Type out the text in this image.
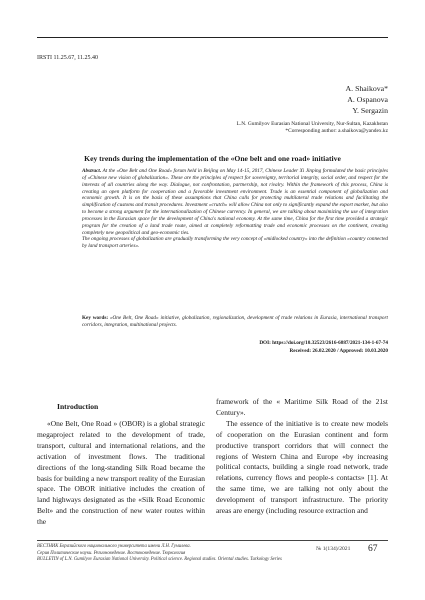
IRSTI 11.25.67, 11.25.40
A. Shaikova*
A. Ospanova
Y. Sergazin
L.N. Gumilyov Eurasian National University, Nur-Sultan, Kazakhstan
*Corresponding author: a.shaikova@yandex.kz
Key trends during the implementation of the «One belt and one road» initiative

Abstract. At the «One Belt and One Road» forum held in Beijing on May 14-15, 2017, Chinese Leader Xi Jinping formulated the basic principles of «Chinese new vision of globalization». These are the principles of respect for sovereignty, territorial integrity, social order, and respect for the interests of all countries along the way. Dialogue, not confrontation, partnership, not rivalry. Within the framework of this process, China is creating an open platform for cooperation and a favorable investment environment. Trade is an essential component of globalization and economic growth. It is on the basis of these assumptions that China calls for protecting multilateral trade relations and facilitating the simplification of customs and transit procedures. Investment «crutch» will allow China not only to significantly expand the export market, but also to become a strong argument for the internationalization of Chinese currency. In general, we are talking about maximizing the use of integration processes in the Eurasian space for the development of China's national economy. At the same time, China for the first time provided a strategic program for the creation of a land trade route, aimed at completely reformatting trade and economic processes on the continent, creating completely new geopolitical and geo-economic ties.

The ongoing processes of globalization are gradually transforming the very concept of «midlocked country» into the definition «country connected by land transport arteries».

Key words: «One Belt, One Road» initiative, globalization, regionalization, development of trade relations in Eurasia, international transport corridors, integration, multinational projects.
DOI: https://doi.org/10.32523/2616-6887/2021-134-1-67-74
Received: 26.02.2020 / Approved: 10.03.2020
Introduction

«One Belt, One Road » (OBOR) is a global strategic megaproject related to the development of trade, transport, cultural and international relations, and the activation of investment flows. The traditional directions of the long-standing Silk Road became the basis for building a new transport reality of the Eurasian space. The OBOR initiative includes the creation of land highways designated as the «Silk Road Economic Belt» and the construction of new water routes within the

framework of the « Maritime Silk Road of the 21st Century».

The essence of the initiative is to create new models of cooperation on the Eurasian continent and form productive transport corridors that will connect the regions of Western China and Europe «by increasing political contacts, building a single road network, trade relations, currency flows and people-s contacts» [1]. At the same time, we are talking not only about the development of transport infrastructure. The priority areas are energy (including resource extraction and

ВЕСТНИК Евразийского национального университета имени Л.Н. Гумилева.
Серия Политические науки. Регионоведение. Востоковедение. Тюркология
BULLETIN of L.N. Gumilyov Eurasian National University. Political science. Regional studies. Oriental studies. Turkology Series
№ 1(134)/2021 67
